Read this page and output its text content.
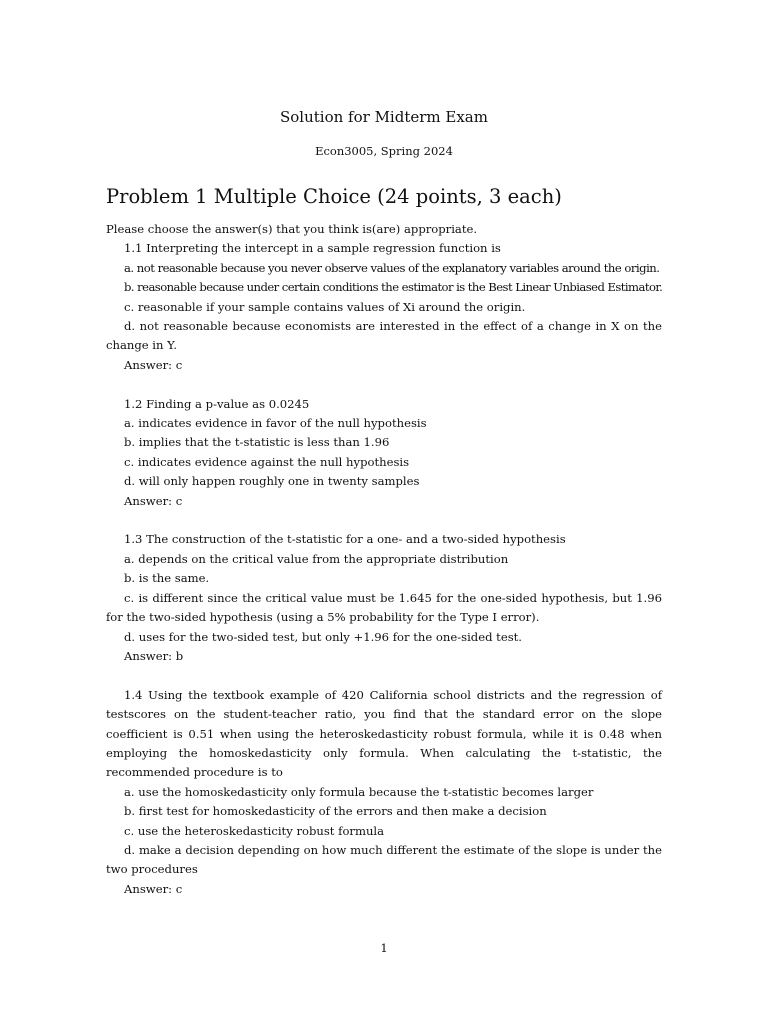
Solution for Midterm Exam
Econ3005, Spring 2024
Problem 1 Multiple Choice (24 points, 3 each)
Please choose the answer(s) that you think is(are) appropriate.
1.1 Interpreting the intercept in a sample regression function is
a. not reasonable because you never observe values of the explanatory variables around the origin.
b. reasonable because under certain conditions the estimator is the Best Linear Unbiased Estimator.
c. reasonable if your sample contains values of Xi around the origin.
d. not reasonable because economists are interested in the effect of a change in X on the change in Y.
Answer: c
1.2 Finding a p-value as 0.0245
a. indicates evidence in favor of the null hypothesis
b. implies that the t-statistic is less than 1.96
c. indicates evidence against the null hypothesis
d. will only happen roughly one in twenty samples
Answer: c
1.3 The construction of the t-statistic for a one- and a two-sided hypothesis
a. depends on the critical value from the appropriate distribution
b. is the same.
c. is different since the critical value must be 1.645 for the one-sided hypothesis, but 1.96 for the two-sided hypothesis (using a 5% probability for the Type I error).
d. uses for the two-sided test, but only +1.96 for the one-sided test.
Answer: b
1.4 Using the textbook example of 420 California school districts and the regression of testscores on the student-teacher ratio, you find that the standard error on the slope coefficient is 0.51 when using the heteroskedasticity robust formula, while it is 0.48 when employing the homoskedasticity only formula. When calculating the t-statistic, the recommended procedure is to
a. use the homoskedasticity only formula because the t-statistic becomes larger
b. first test for homoskedasticity of the errors and then make a decision
c. use the heteroskedasticity robust formula
d. make a decision depending on how much different the estimate of the slope is under the two procedures
Answer: c
1
